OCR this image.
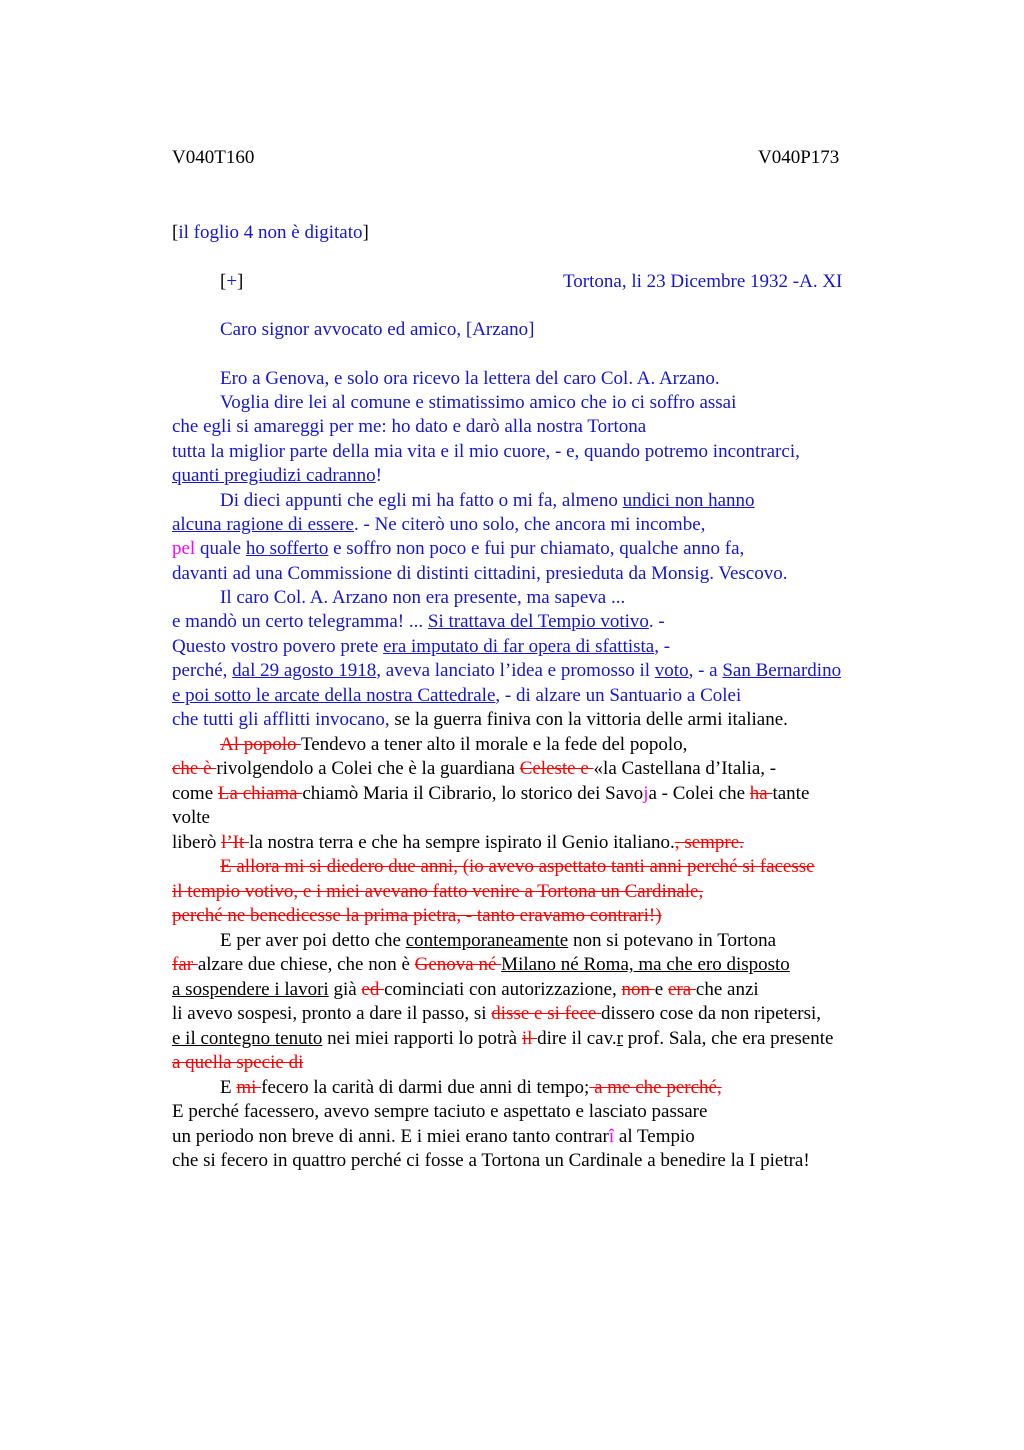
V040T160	V040P173
[il foglio 4 non è digitato]
[+]	Tortona, li 23 Dicembre 1932 -A. XI
Caro signor avvocato ed amico, [Arzano]
Ero a Genova, e solo ora ricevo la lettera del caro Col. A. Arzano.
Voglia dire lei al comune e stimatissimo amico che io ci soffro assai
che egli si amareggi per me: ho dato e darò alla nostra Tortona
tutta la miglior parte della mia vita e il mio cuore, - e, quando potremo incontrarci,
quanti pregiudizi cadranno!
Di dieci appunti che egli mi ha fatto o mi fa, almeno undici non hanno
alcuna ragione di essere. - Ne citerò uno solo, che ancora mi incombe,
pel quale ho sofferto e soffro non poco e fui pur chiamato, qualche anno fa,
davanti ad una Commissione di distinti cittadini, presieduta da Monsig. Vescovo.
Il caro Col. A. Arzano non era presente, ma sapeva ...
e mandò un certo telegramma! ... Si trattava del Tempio votivo. -
Questo vostro povero prete era imputato di far opera di sfattista, -
perché, dal 29 agosto 1918, aveva lanciato l’idea e promosso il voto, - a San Bernardino
e poi sotto le arcate della nostra Cattedrale, - di alzare un Santuario a Colei
che tutti gli afflitti invocano, se la guerra finiva con la vittoria delle armi italiane.
Al popolo Tendevo a tener alto il morale e la fede del popolo,
che è rivolgendolo a Colei che è la guardiana Celeste e «la Castellana d’Italia, -
come La chiama chiamò Maria il Cibrario, lo storico dei Savoja - Colei che ha tante
volte
liberò l’It la nostra terra e che ha sempre ispirato il Genio italiano., sempre.
E allora mi si diedero due anni, (io avevo aspettato tanti anni perché si facesse
il tempio votivo, e i miei avevano fatto venire a Tortona un Cardinale,
perché ne benedicesse la prima pietra, - tanto eravamo contrari!)
E per aver poi detto che contemporaneamente non si potevano in Tortona
far alzare due chiese, che non è Genova né Milano né Roma, ma che ero disposto
a sospendere i lavori già ed cominciati con autorizzazione, non e era che anzi
li avevo sospesi, pronto a dare il passo, si disse e si fece dissero cose da non ripetersi,
e il contegno tenuto nei miei rapporti lo potrà il dire il cav.r prof. Sala, che era presente
a quella specie di
E mi fecero la carità di darmi due anni di tempo; a me che perché,
E perché facessero, avevo sempre taciuto e aspettato e lasciato passare
un periodo non breve di anni. E i miei erano tanto contrarî al Tempio
che si fecero in quattro perché ci fosse a Tortona un Cardinale a benedire la I pietra!
